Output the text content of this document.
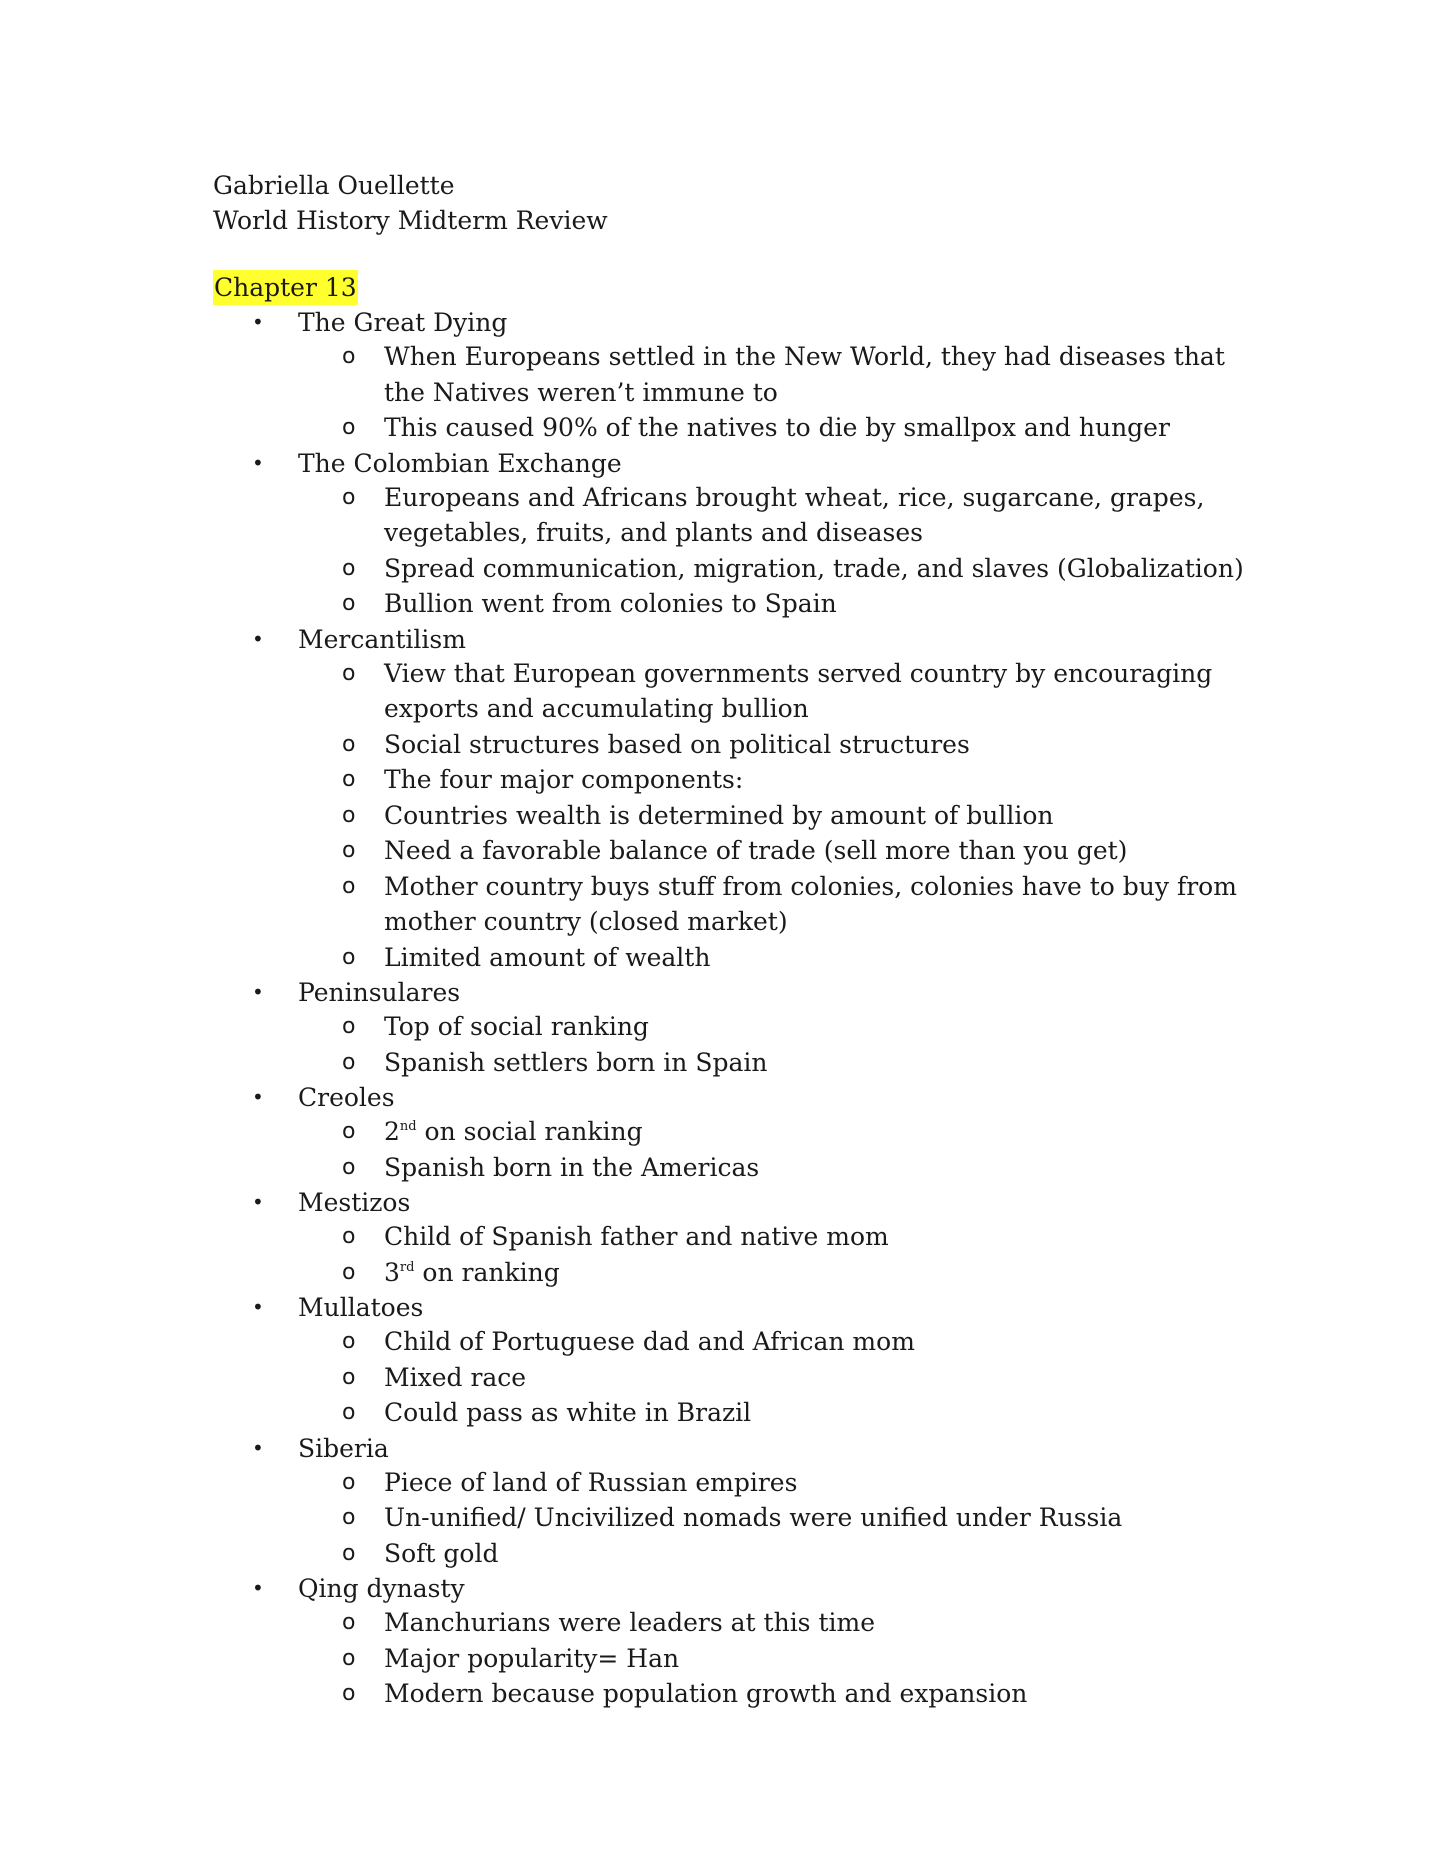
Gabriella Ouellette
World History Midterm Review
Chapter 13
• The Great Dying
o When Europeans settled in the New World, they had diseases that the Natives weren’t immune to
o This caused 90% of the natives to die by smallpox and hunger
• The Colombian Exchange
o Europeans and Africans brought wheat, rice, sugarcane, grapes, vegetables, fruits, and plants and diseases
o Spread communication, migration, trade, and slaves (Globalization)
o Bullion went from colonies to Spain
• Mercantilism
o View that European governments served country by encouraging exports and accumulating bullion
o Social structures based on political structures
o The four major components:
o Countries wealth is determined by amount of bullion
o Need a favorable balance of trade (sell more than you get)
o Mother country buys stuff from colonies, colonies have to buy from mother country (closed market)
o Limited amount of wealth
• Peninsulares
o Top of social ranking
o Spanish settlers born in Spain
• Creoles
o 2nd on social ranking
o Spanish born in the Americas
• Mestizos
o Child of Spanish father and native mom
o 3rd on ranking
• Mullatoes
o Child of Portuguese dad and African mom
o Mixed race
o Could pass as white in Brazil
• Siberia
o Piece of land of Russian empires
o Un-unified/ Uncivilized nomads were unified under Russia
o Soft gold
• Qing dynasty
o Manchurians were leaders at this time
o Major popularity= Han
o Modern because population growth and expansion
